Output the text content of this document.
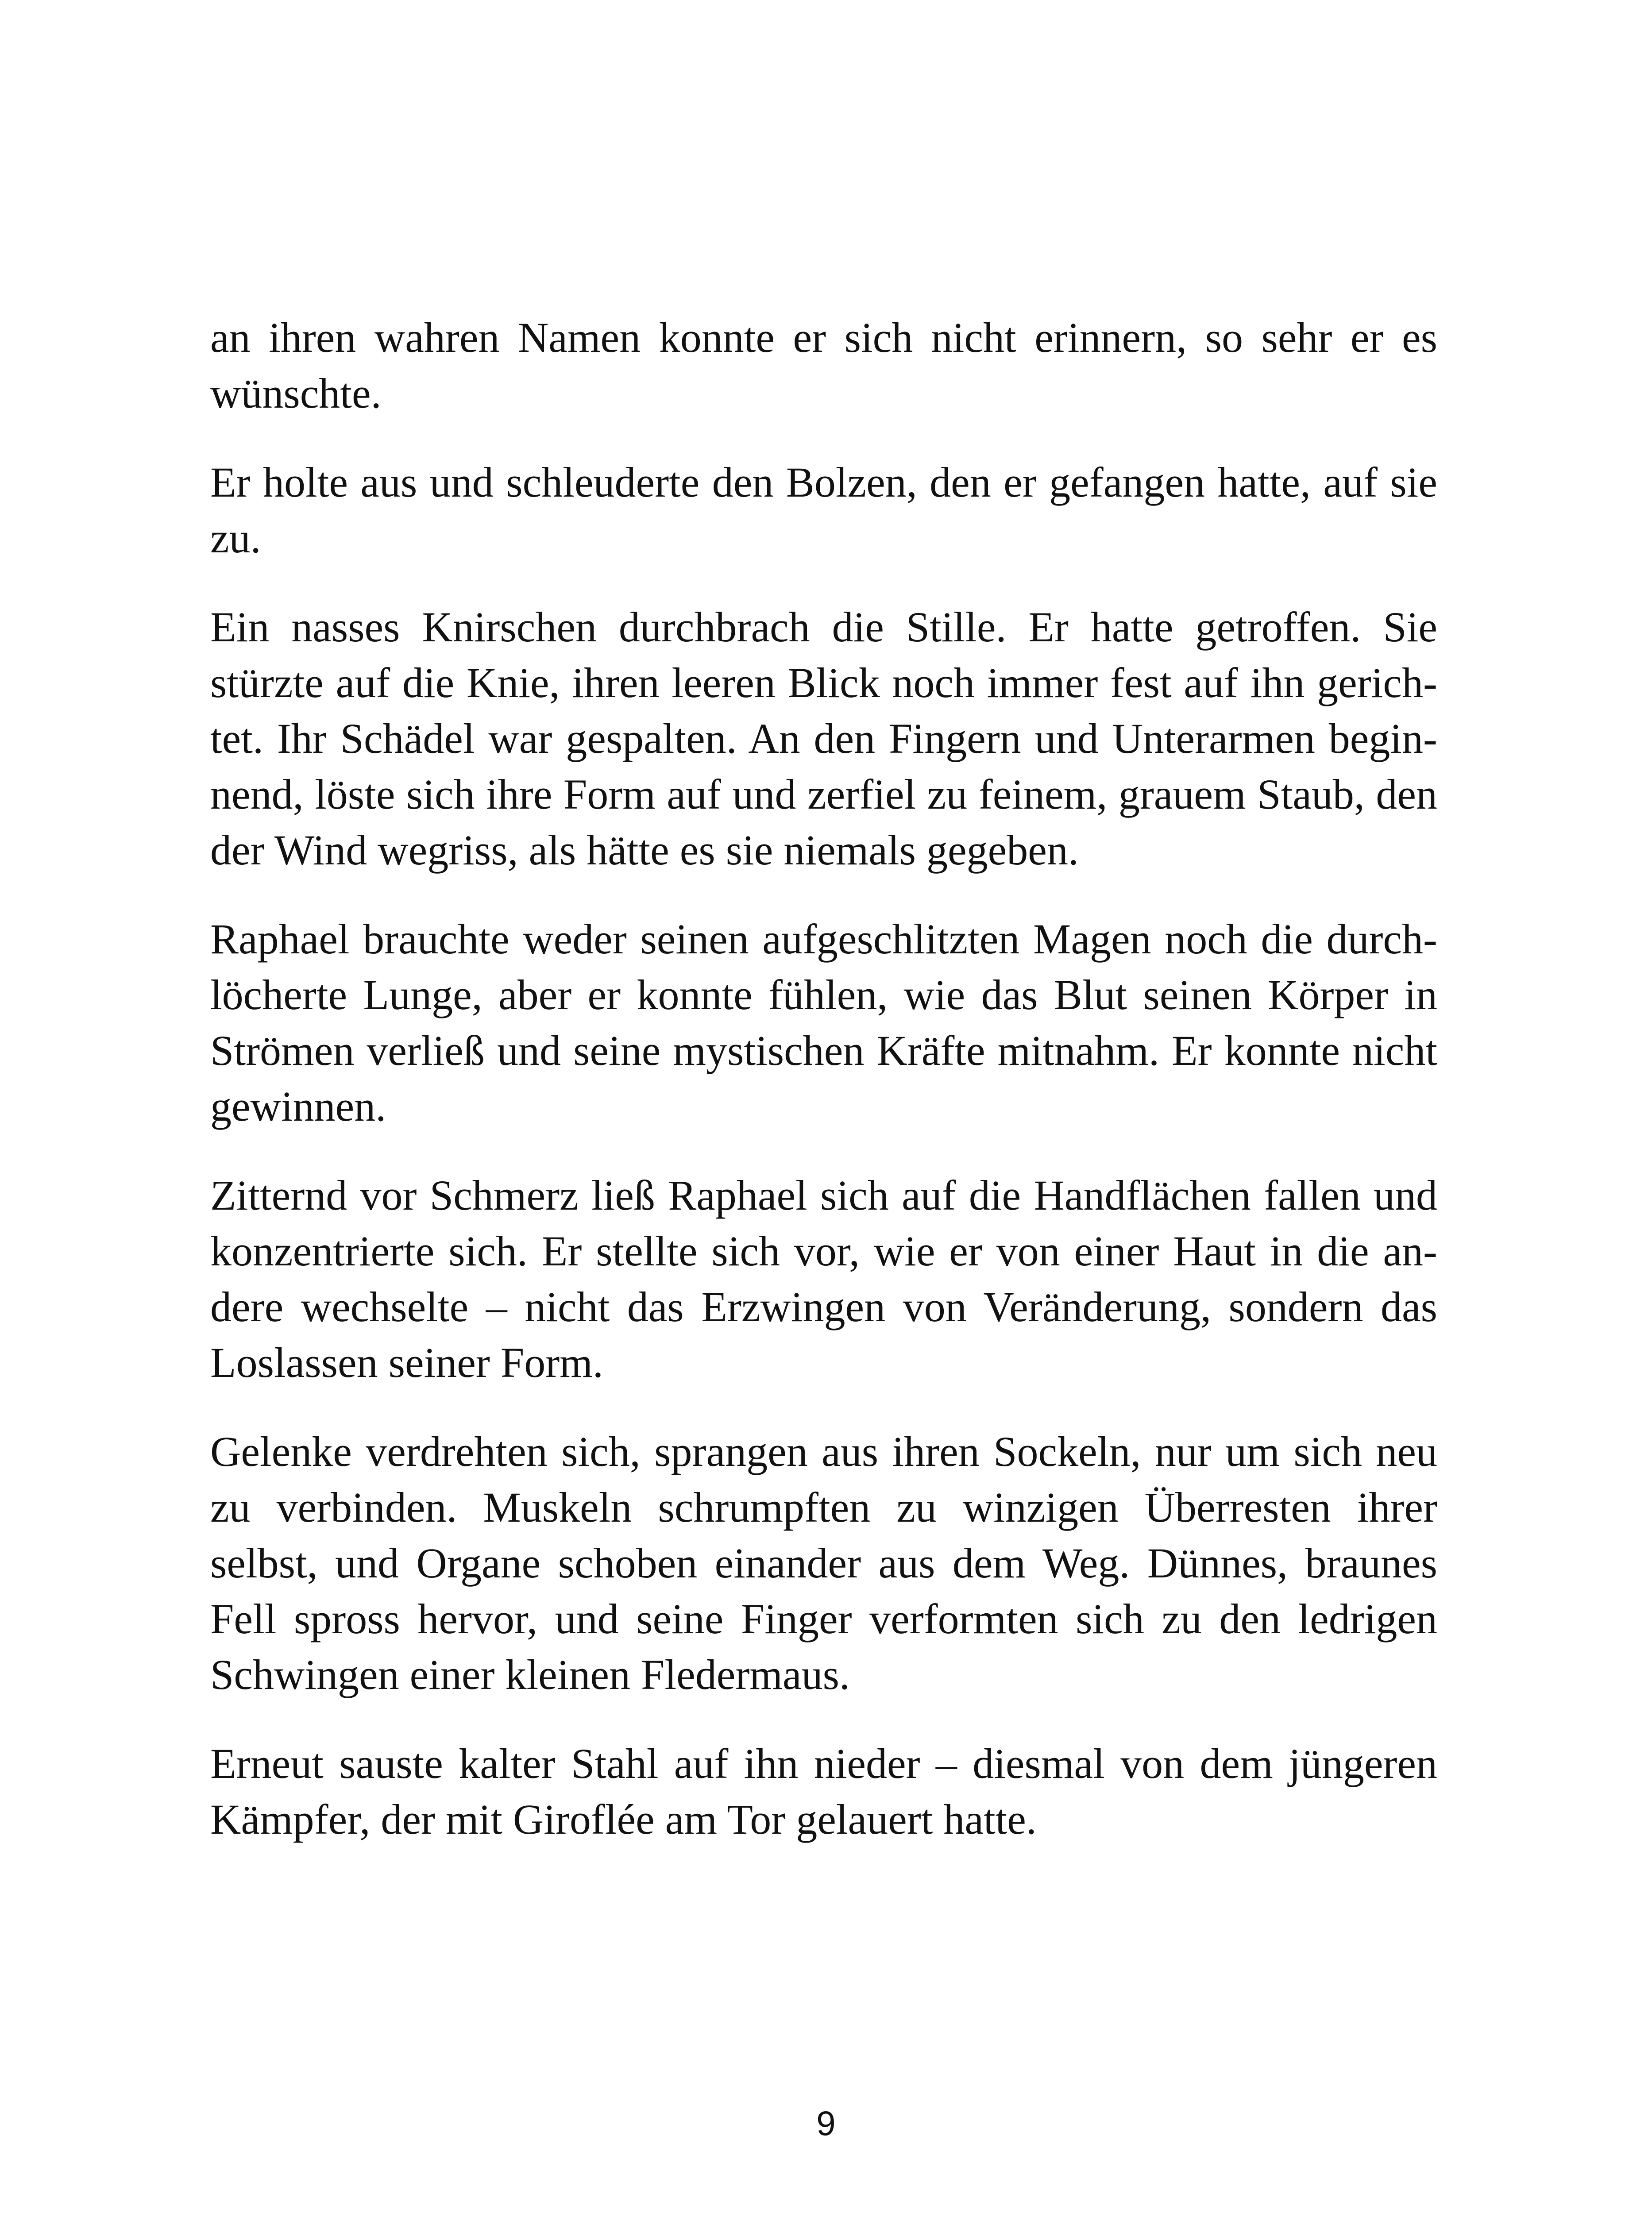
an ihren wahren Namen konnte er sich nicht erinnern, so sehr er es wünschte.

Er holte aus und schleuderte den Bolzen, den er gefangen hatte, auf sie zu.

Ein nasses Knirschen durchbrach die Stille. Er hatte getroffen. Sie stürzte auf die Knie, ihren leeren Blick noch immer fest auf ihn gerichtet. Ihr Schädel war gespalten. An den Fingern und Unterarmen beginnend, löste sich ihre Form auf und zerfiel zu feinem, grauem Staub, den der Wind wegriss, als hätte es sie niemals gegeben.

Raphael brauchte weder seinen aufgeschlitzten Magen noch die durchlöcherte Lunge, aber er konnte fühlen, wie das Blut seinen Körper in Strömen verließ und seine mystischen Kräfte mitnahm. Er konnte nicht gewinnen.

Zitternd vor Schmerz ließ Raphael sich auf die Handflächen fallen und konzentrierte sich. Er stellte sich vor, wie er von einer Haut in die andere wechselte – nicht das Erzwingen von Veränderung, sondern das Loslassen seiner Form.

Gelenke verdrehten sich, sprangen aus ihren Sockeln, nur um sich neu zu verbinden. Muskeln schrumpften zu winzigen Überresten ihrer selbst, und Organe schoben einander aus dem Weg. Dünnes, braunes Fell spross hervor, und seine Finger verformten sich zu den ledrigen Schwingen einer kleinen Fledermaus.

Erneut sauste kalter Stahl auf ihn nieder – diesmal von dem jüngeren Kämpfer, der mit Giroflée am Tor gelauert hatte.

9
